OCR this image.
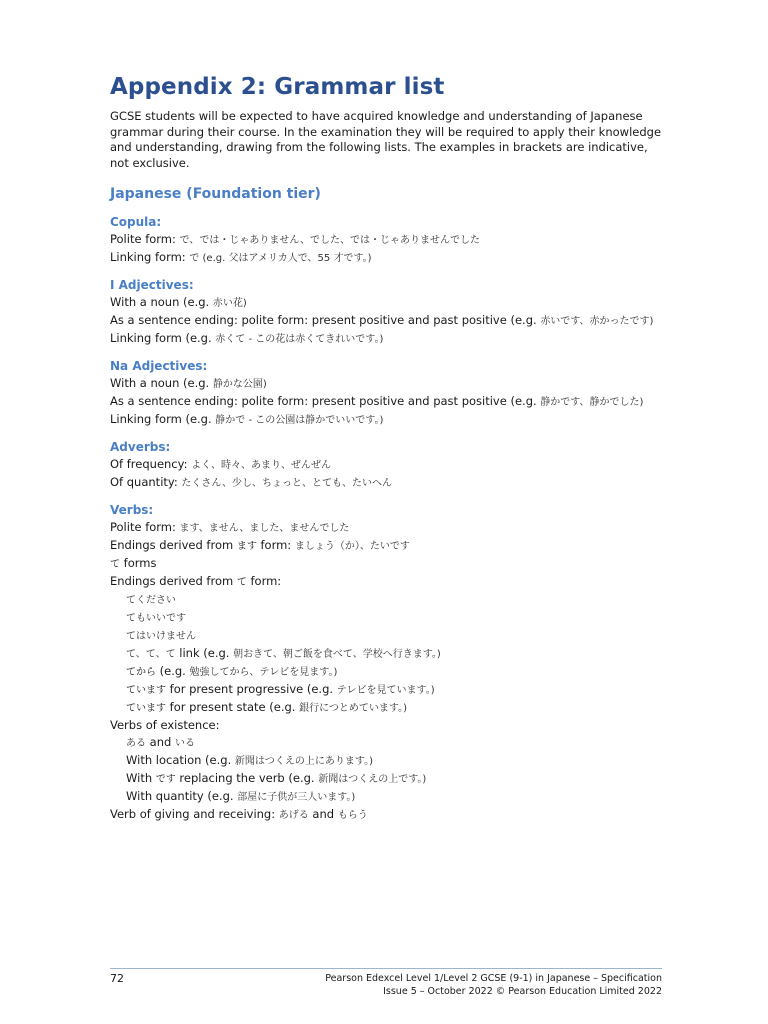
Appendix 2: Grammar list
GCSE students will be expected to have acquired knowledge and understanding of Japanese grammar during their course. In the examination they will be required to apply their knowledge and understanding, drawing from the following lists. The examples in brackets are indicative, not exclusive.
Japanese (Foundation tier)
Copula:
Polite form: で、では・じゃありません、でした、では・じゃありませんでした
Linking form: で (e.g. 父はアメリカ人で、55 才です。)
I Adjectives:
With a noun (e.g. 赤い花)
As a sentence ending: polite form: present positive and past positive (e.g. 赤いです、赤かったです)
Linking form (e.g. 赤くて - この花は赤くてきれいです。)
Na Adjectives:
With a noun (e.g. 静かな公園)
As a sentence ending: polite form: present positive and past positive (e.g. 静かです、静かでした)
Linking form (e.g. 静かで - この公園は静かでいいです。)
Adverbs:
Of frequency: よく、時々、あまり、ぜんぜん
Of quantity: たくさん、少し、ちょっと、とても、たいへん
Verbs:
Polite form: ます、ません、ました、ませんでした
Endings derived from ます form: ましょう（か）、たいです
て forms
Endings derived from て form:
てください
てもいいです
てはいけません
て、て、て link (e.g. 朝おきて、朝ご飯を食べて、学校へ行きます。)
てから (e.g. 勉強してから、テレビを見ます。)
ています for present progressive (e.g. テレビを見ています。)
ています for present state (e.g. 銀行につとめています。)
Verbs of existence:
ある and いる
With location (e.g. 新聞はつくえの上にあります。)
With です replacing the verb (e.g. 新聞はつくえの上です。)
With quantity (e.g. 部屋に子供が三人います。)
Verb of giving and receiving: あげる and もらう
72	Pearson Edexcel Level 1/Level 2 GCSE (9-1) in Japanese – Specification
Issue 5 – October 2022 © Pearson Education Limited 2022
